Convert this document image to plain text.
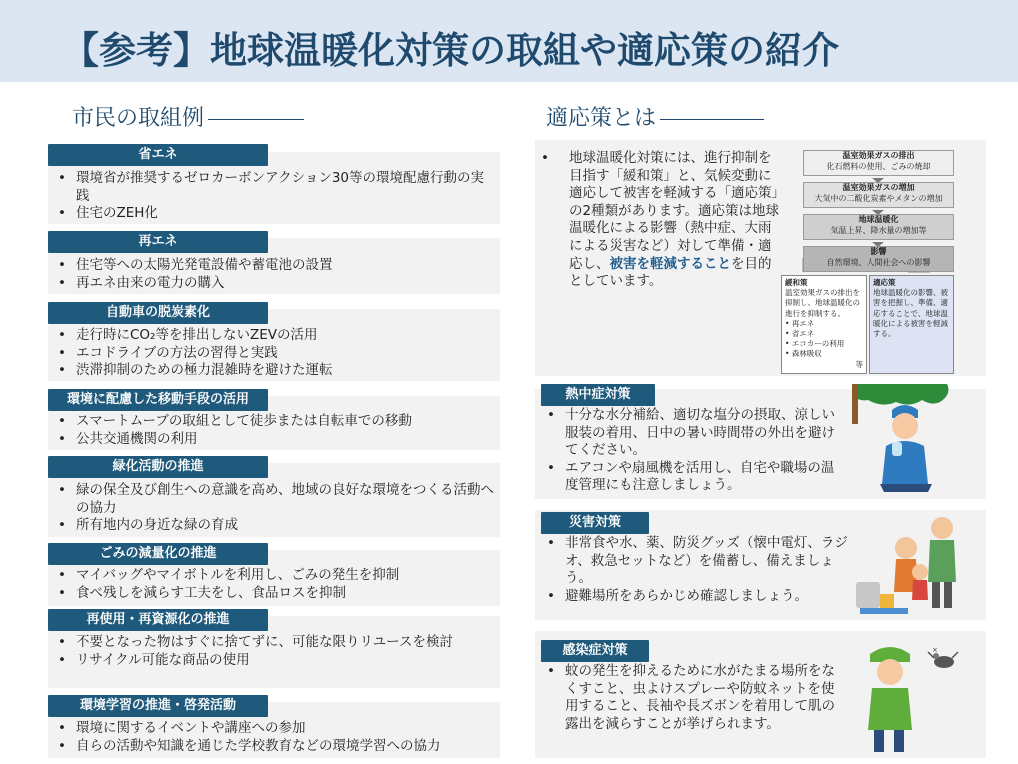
【参考】地球温暖化対策の取組や適応策の紹介
市民の取組例	適応策とは
省エネ
• 環境省が推奨するゼロカーボンアクション30等の環境配慮行動の実践
• 住宅のZEH化
再エネ
• 住宅等への太陽光発電設備や蓄電池の設置
• 再エネ由来の電力の購入
自動車の脱炭素化
• 走行時にCO₂等を排出しないZEVの活用
• エコドライブの方法の習得と実践
• 渋滞抑制のための極力混雑時を避けた運転
環境に配慮した移動手段の活用
• スマートムーブの取組として徒歩または自転車での移動
• 公共交通機関の利用
緑化活動の推進
• 緑の保全及び創生への意識を高め、地域の良好な環境をつくる活動への協力
• 所有地内の身近な緑の育成
ごみの減量化の推進
• マイバッグやマイボトルを利用し、ごみの発生を抑制
• 食べ残しを減らす工夫をし、食品ロスを抑制
再使用・再資源化の推進
• 不要となった物はすぐに捨てずに、可能な限りリユースを検討
• リサイクル可能な商品の使用
環境学習の推進・啓発活動
• 環境に関するイベントや講座への参加
• 自らの活動や知識を通じた学校教育などの環境学習への協力
•	地球温暖化対策には、進行抑制を目指す「緩和策」と、気候変動に適応して被害を軽減する「適応策」の2種類があります。適応策は地球温暖化による影響（熱中症、大雨による災害など）対して準備・適応し、被害を軽減することを目的としています。
温室効果ガスの排出
化石燃料の使用、ごみの焼却
温室効果ガスの増加
大気中の二酸化炭素やメタンの増加
地球温暖化
気温上昇、降水量の増加等
影響
自然環境、人間社会への影響
緩和策
温室効果ガスの排出を抑制し、地球温暖化の進行を抑制する。
• 再エネ
• 省エネ
• エコカーの利用
• 森林吸収
等
適応策
地球温暖化の影響、被害を把握し、準備、適応することで、地球温暖化による被害を軽減する。
熱中症対策
• 十分な水分補給、適切な塩分の摂取、涼しい服装の着用、日中の暑い時間帯の外出を避けてください。
• エアコンや扇風機を活用し、自宅や職場の温度管理にも注意しましょう。
災害対策
• 非常食や水、薬、防災グッズ（懐中電灯、ラジオ、救急セットなど）を備蓄し、備えましょう。
• 避難場所をあらかじめ確認しましょう。
感染症対策
• 蚊の発生を抑えるために水がたまる場所をなくすこと、虫よけスプレーや防蚊ネットを使用すること、長袖や長ズボンを着用して肌の露出を減らすことが挙げられます。
×
